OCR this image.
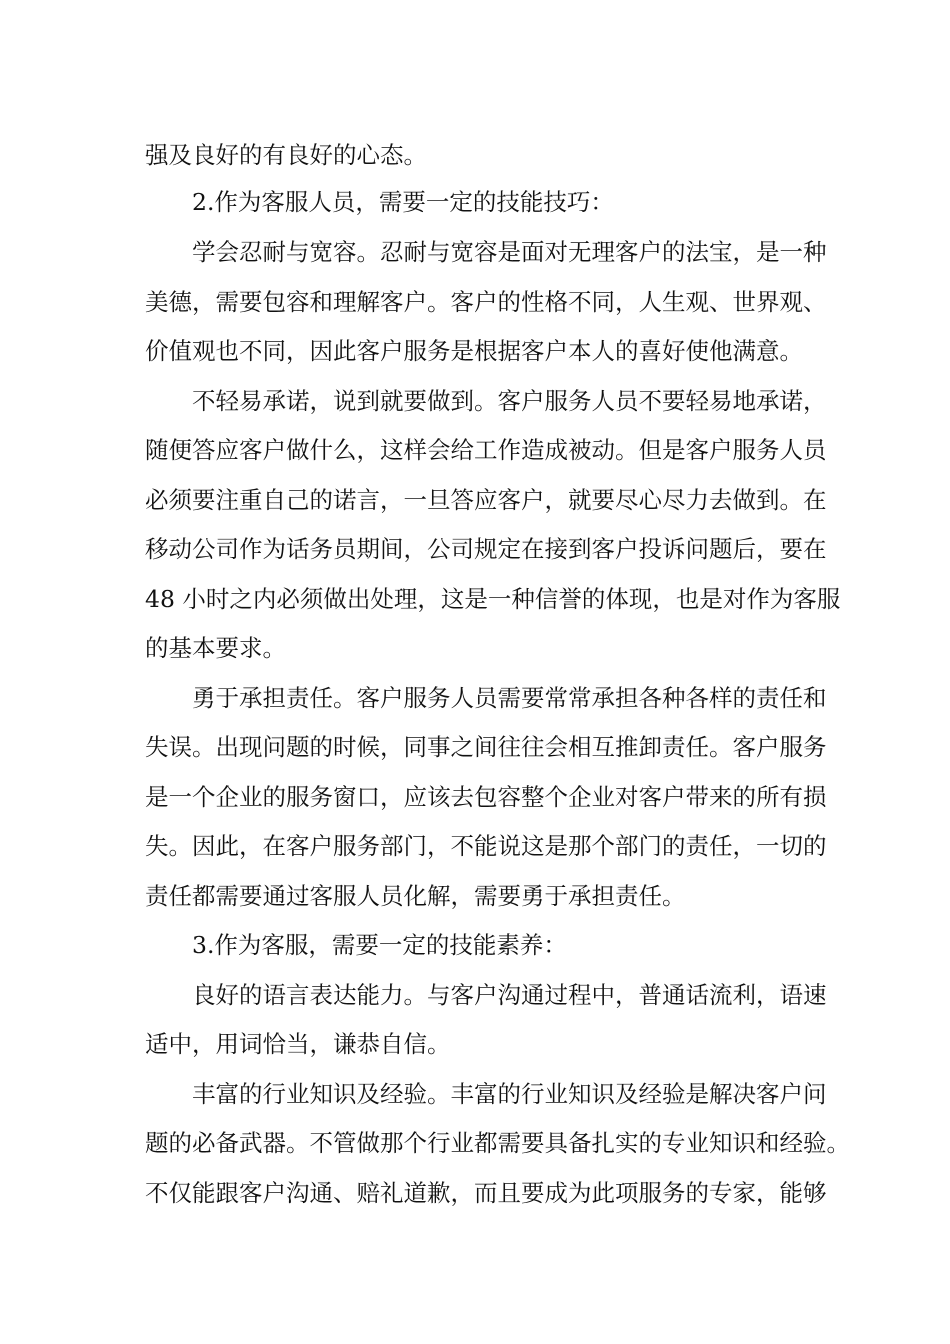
强及良好的有良好的心态。

2.作为客服人员，需要一定的技能技巧：

学会忍耐与宽容。忍耐与宽容是面对无理客户的法宝，是一种

美德，需要包容和理解客户。客户的性格不同，人生观、世界观、

价值观也不同，因此客户服务是根据客户本人的喜好使他满意。

不轻易承诺，说到就要做到。客户服务人员不要轻易地承诺，

随便答应客户做什么，这样会给工作造成被动。但是客户服务人员

必须要注重自己的诺言，一旦答应客户，就要尽心尽力去做到。在

移动公司作为话务员期间，公司规定在接到客户投诉问题后，要在

48 小时之内必须做出处理，这是一种信誉的体现，也是对作为客服

的基本要求。

勇于承担责任。客户服务人员需要常常承担各种各样的责任和

失误。出现问题的时候，同事之间往往会相互推卸责任。客户服务

是一个企业的服务窗口，应该去包容整个企业对客户带来的所有损

失。因此，在客户服务部门，不能说这是那个部门的责任，一切的

责任都需要通过客服人员化解，需要勇于承担责任。

3.作为客服，需要一定的技能素养：

良好的语言表达能力。与客户沟通过程中，普通话流利，语速

适中，用词恰当，谦恭自信。

丰富的行业知识及经验。丰富的行业知识及经验是解决客户问

题的必备武器。不管做那个行业都需要具备扎实的专业知识和经验。

不仅能跟客户沟通、赔礼道歉，而且要成为此项服务的专家，能够
